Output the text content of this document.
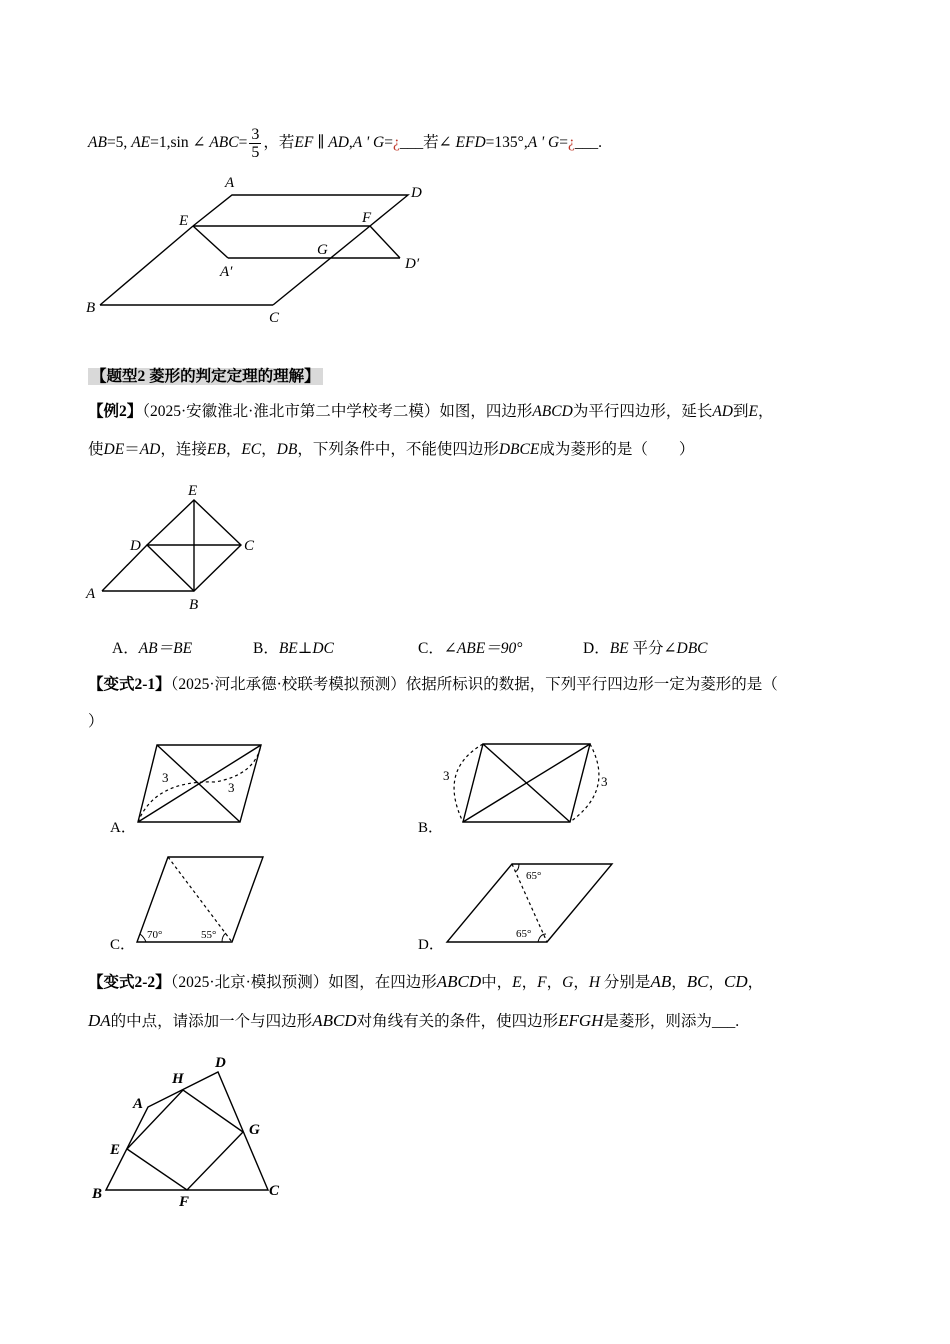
AB=5, AE=1,sin ∠ $ABC= \frac{3}{5}$ ，若EF ∥ AD,A ' G=¿___若∠ EFD=135°,A ' G=¿___.
A
D
E	F
G
A′	D′
B
C
【题型2 菱形的判定定理的理解】
【例2】（2025·安徽淮北·淮北市第二中学校考二模）如图，四边形ABCD为平行四边形，延长AD到E，
使DE＝AD，连接EB，EC，DB，下列条件中，不能使四边形DBCE成为菱形的是（　　）
E
D	C
A
B
A．AB＝BE	B．BE⊥DC	C．∠ABE＝90°	D．BE 平分∠DBC
【变式2-1】（2025·河北承德·校联考模拟预测）依据所标识的数据，下列平行四边形一定为菱形的是（
）
A．
3
3
B．
3	3
C．
70°	55°
D．
65°
65°
【变式2-2】（2025·北京·模拟预测）如图，在四边形ABCD中，E，F，G，H 分别是AB，BC，CD，
DA的中点，请添加一个与四边形ABCD对角线有关的条件，使四边形EFGH是菱形，则添为___.
D
H
A
G
E
B	F
C
